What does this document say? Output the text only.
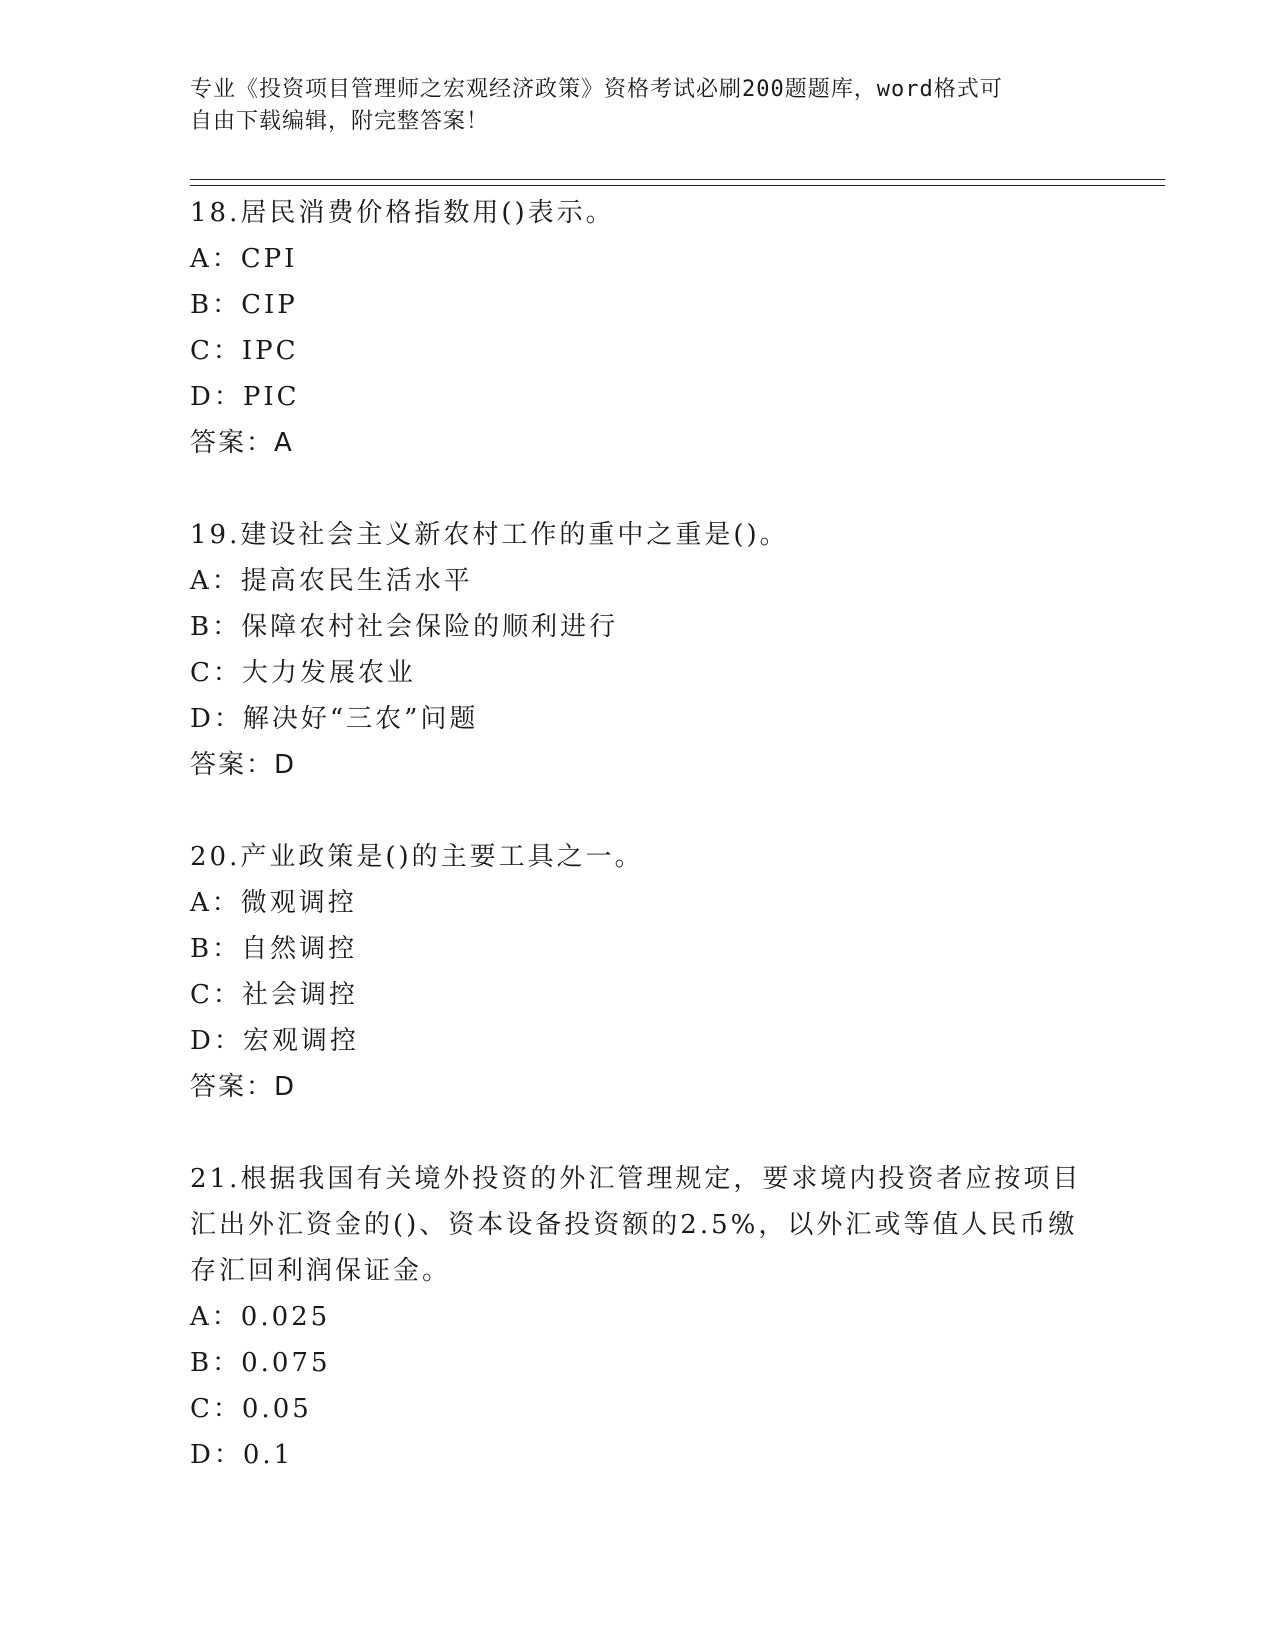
专业《投资项目管理师之宏观经济政策》资格考试必刷200题题库，word格式可
自由下载编辑，附完整答案！

18.居民消费价格指数用()表示。

A：CPI

B：CIP

C：IPC

D：PIC

答案：A

19.建设社会主义新农村工作的重中之重是()。

A：提高农民生活水平

B：保障农村社会保险的顺利进行

C：大力发展农业

D：解决好“三农”问题

答案：D

20.产业政策是()的主要工具之一。

A：微观调控

B：自然调控

C：社会调控

D：宏观调控

答案：D

21.根据我国有关境外投资的外汇管理规定，要求境内投资者应按项目汇出外汇资金的()、资本设备投资额的2.5%，以外汇或等值人民币缴存汇回利润保证金。

A：0.025

B：0.075

C：0.05

D：0.1
